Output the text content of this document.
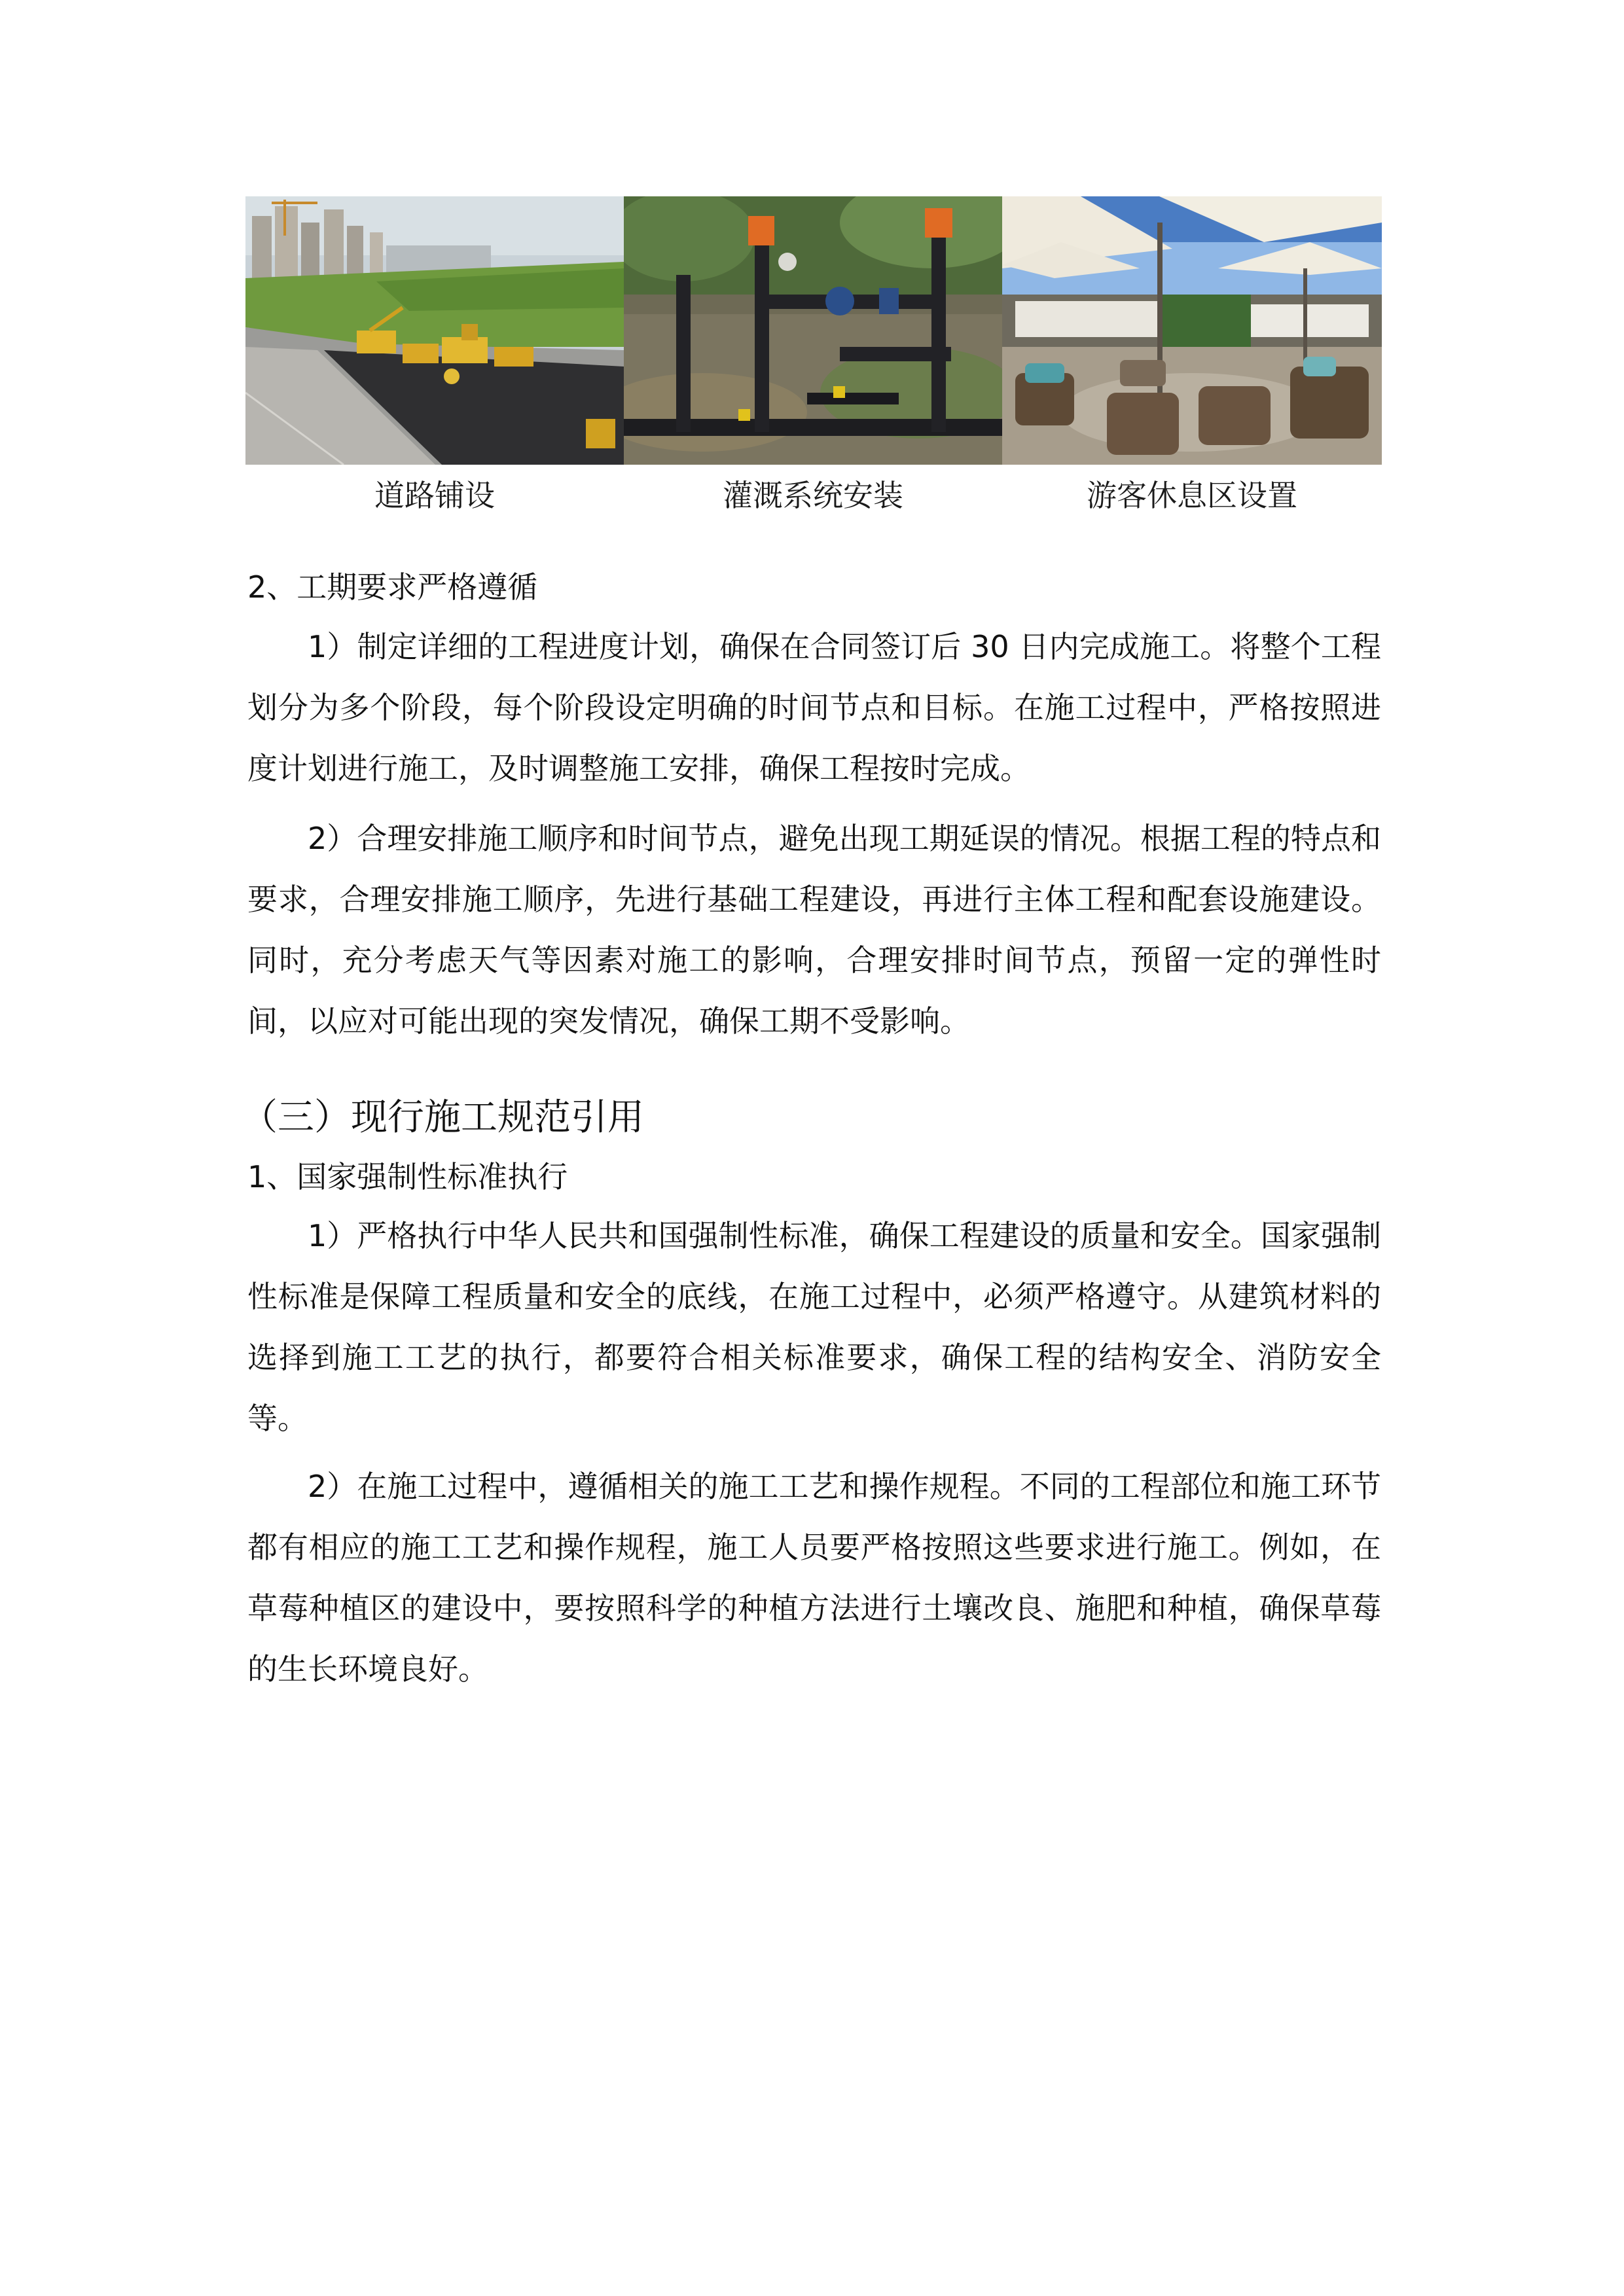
道路铺设	灌溉系统安装	游客休息区设置
2、工期要求严格遵循

1）制定详细的工程进度计划，确保在合同签订后 30 日内完成施工。将整个工程划分为多个阶段，每个阶段设定明确的时间节点和目标。在施工过程中，严格按照进度计划进行施工，及时调整施工安排，确保工程按时完成。

2）合理安排施工顺序和时间节点，避免出现工期延误的情况。根据工程的特点和要求，合理安排施工顺序，先进行基础工程建设，再进行主体工程和配套设施建设。同时，充分考虑天气等因素对施工的影响，合理安排时间节点，预留一定的弹性时间，以应对可能出现的突发情况，确保工期不受影响。

（三）现行施工规范引用
1、国家强制性标准执行

1）严格执行中华人民共和国强制性标准，确保工程建设的质量和安全。国家强制性标准是保障工程质量和安全的底线，在施工过程中，必须严格遵守。从建筑材料的选择到施工工艺的执行，都要符合相关标准要求，确保工程的结构安全、消防安全等。

2）在施工过程中，遵循相关的施工工艺和操作规程。不同的工程部位和施工环节都有相应的施工工艺和操作规程，施工人员要严格按照这些要求进行施工。例如，在草莓种植区的建设中，要按照科学的种植方法进行土壤改良、施肥和种植，确保草莓的生长环境良好。
